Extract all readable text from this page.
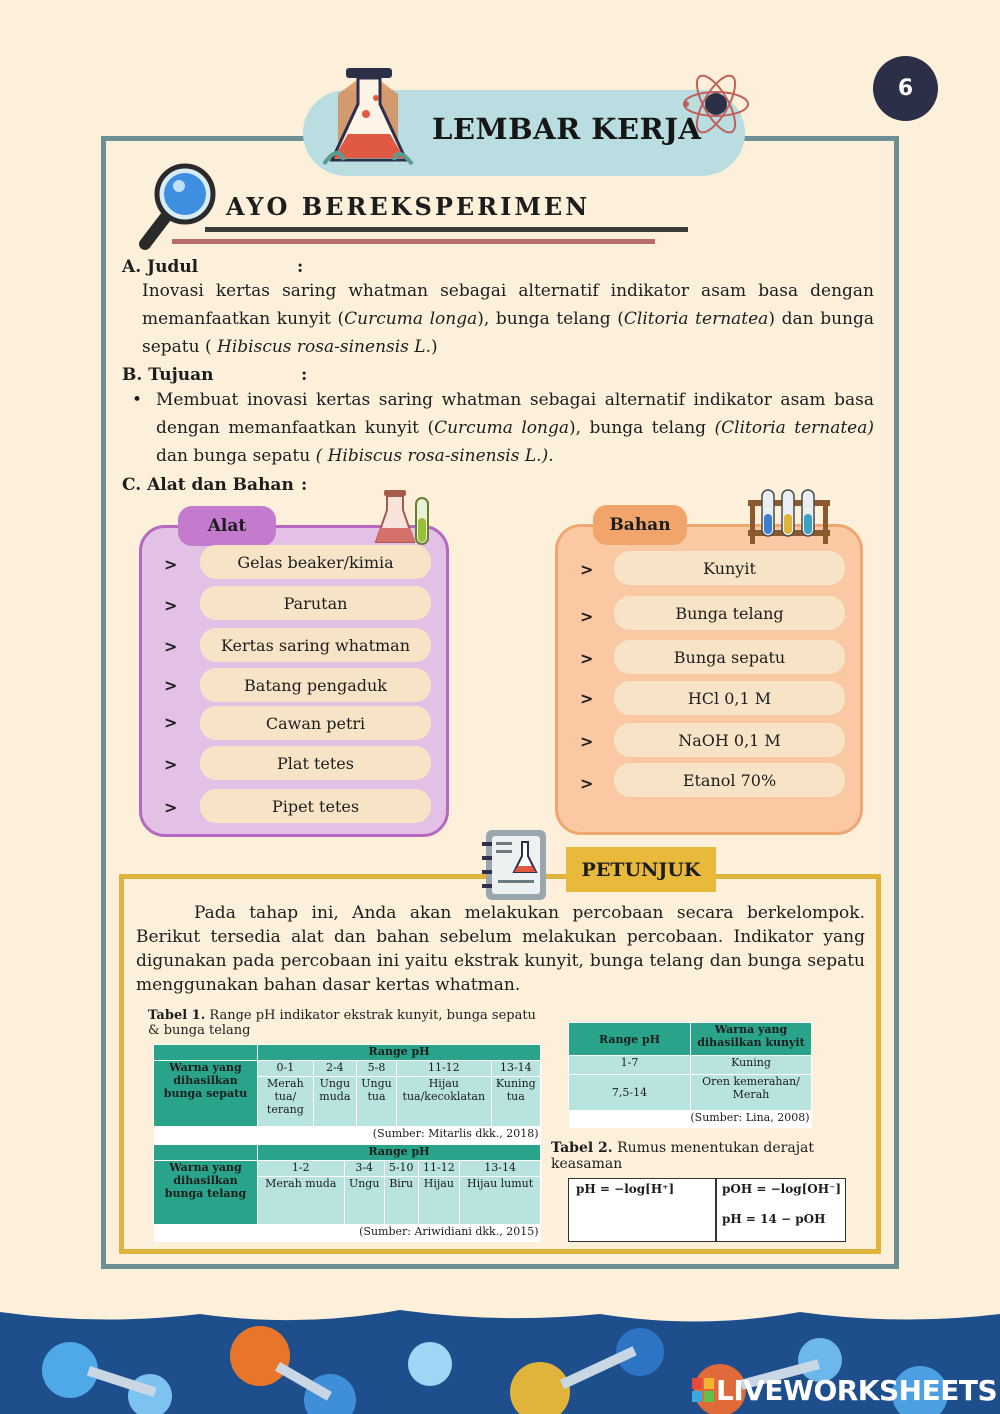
6
LEMBAR KERJA
AYO BEREKSPERIMEN
A. Judul	:
Inovasi kertas saring whatman sebagai alternatif indikator asam basa dengan memanfaatkan kunyit (Curcuma longa), bunga telang (Clitoria ternatea) dan bunga sepatu ( Hibiscus rosa-sinensis L.)
B. Tujuan	:
• Membuat inovasi kertas saring whatman sebagai alternatif indikator asam basa dengan memanfaatkan kunyit (Curcuma longa), bunga telang (Clitoria ternatea) dan bunga sepatu ( Hibiscus rosa-sinensis L.).
C. Alat dan Bahan :
Alat	Bahan
>	Gelas beaker/kimia
>	Parutan
>	Kertas saring whatman
>	Batang pengaduk
>	Cawan petri
>	Plat tetes
>	Pipet tetes
>	Kunyit
>	Bunga telang
>	Bunga sepatu
>	HCl 0,1 M
>	NaOH 0,1 M
>	Etanol 70%
PETUNJUK
Pada tahap ini, Anda akan melakukan percobaan secara berkelompok. Berikut tersedia alat dan bahan sebelum melakukan percobaan. Indikator yang digunakan pada percobaan ini yaitu ekstrak kunyit, bunga telang dan bunga sepatu menggunakan bahan dasar kertas whatman.
Tabel 1. Range pH indikator ekstrak kunyit, bunga sepatu & bunga telang
	Range pH				
Warna yang dihasilkan bunga sepatu	0-1	2-4	5-8	11-12	13-14
	Merah tua/ terang	Ungu muda	Ungu tua	Hijau tua/kecoklatan	Kuning tua
(Sumber: Mitarlis dkk., 2018)					
	Range pH				
Warna yang dihasilkan bunga telang	1-2	3-4	5-10	11-12	13-14
	Merah muda	Ungu	Biru	Hijau	Hijau lumut
(Sumber: Ariwidiani dkk., 2015)					
Range pH	Warna yang dihasilkan kunyit
1-7	Kuning
7,5-14	Oren kemerahan/ Merah
(Sumber: Lina, 2008)	
Tabel 2. Rumus menentukan derajat keasaman
pH = −log[H⁺]	pOH = −log[OH⁻]
pH = 14 − pOH
LIVEWORKSHEETS
